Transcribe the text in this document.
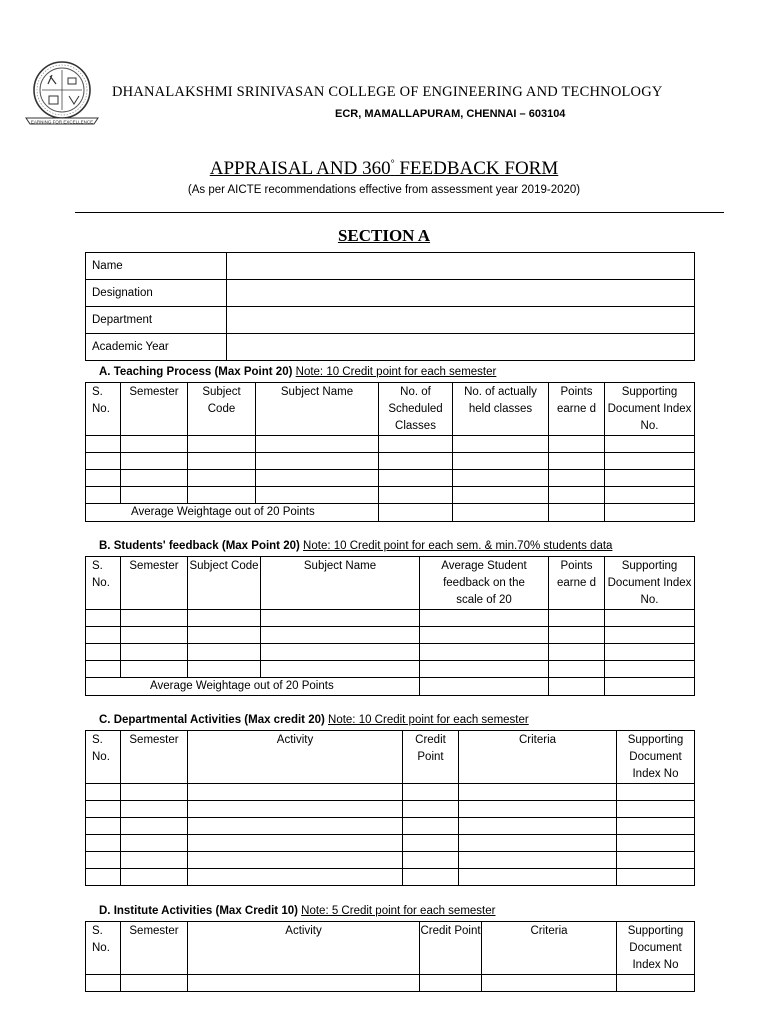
EARNING FOR EXCELLENCE
DHANALAKSHMI SRINIVASAN COLLEGE OF ENGINEERING AND TECHNOLOGY
ECR, MAMALLAPURAM, CHENNAI – 603104
APPRAISAL AND 360° FEEDBACK FORM
(As per AICTE recommendations effective from assessment year 2019-2020)
SECTION A
Name	
Designation	
Department	
Academic Year	
A. Teaching Process (Max Point 20) Note: 10 Credit point for each semester
S. No.	Semester	Subject Code	Subject Name	No. of Scheduled Classes	No. of actually held classes	Points earne d	Supporting Document Index No.

Average Weightage out of 20 Points							
B. Students' feedback (Max Point 20) Note: 10 Credit point for each sem. & min.70% students data
S. No.	Semester	Subject Code	Subject Name	Average Student feedback on the scale of 20	Points earne d	Supporting Document Index No.

Average Weightage out of 20 Points						
C. Departmental Activities (Max credit 20) Note: 10 Credit point for each semester
S. No.	Semester	Activity	Credit Point	Criteria	Supporting Document Index No

D. Institute Activities (Max Credit 10) Note: 5 Credit point for each semester
S. No.	Semester	Activity	Credit Point	Criteria	Supporting Document Index No
